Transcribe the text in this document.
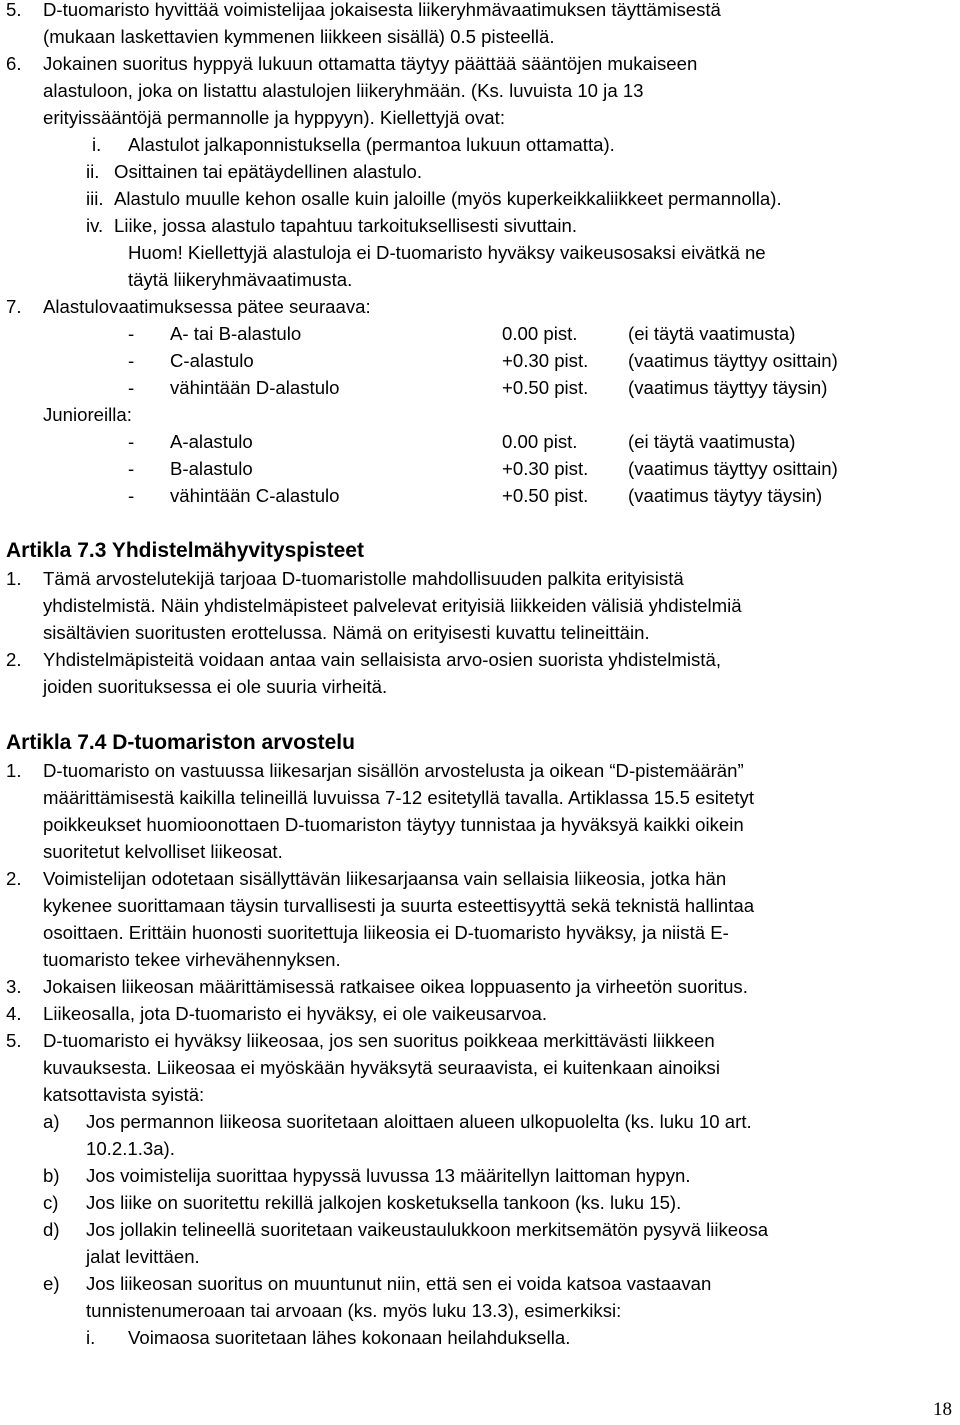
5. D-tuomaristo hyvittää voimistelijaa jokaisesta liikeryhmävaatimuksen täyttämisestä
(mukaan laskettavien kymmenen liikkeen sisällä) 0.5 pisteellä.
6. Jokainen suoritus hyppyä lukuun ottamatta täytyy päättää sääntöjen mukaiseen
alastuloon, joka on listattu alastulojen liikeryhmään. (Ks. luvuista 10 ja 13
erityissääntöjä permannolle ja hyppyyn). Kiellettyjä ovat:
i. Alastulot jalkaponnistuksella (permantoa lukuun ottamatta).
ii. Osittainen tai epätäydellinen alastulo.
iii. Alastulo muulle kehon osalle kuin jaloille (myös kuperkeikkaliikkeet permannolla).
iv. Liike, jossa alastulo tapahtuu tarkoituksellisesti sivuttain.
Huom! Kiellettyjä alastuloja ei D-tuomaristo hyväksy vaikeusosaksi eivätkä ne
täytä liikeryhmävaatimusta.
7. Alastulovaatimuksessa pätee seuraava:
- A- tai B-alastulo	0.00 pist.	(ei täytä vaatimusta)
- C-alastulo	+0.30 pist. (vaatimus täyttyy osittain)
- vähintään D-alastulo	+0.50 pist. (vaatimus täyttyy täysin)
Junioreilla:
- A-alastulo	0.00 pist.	(ei täytä vaatimusta)
- B-alastulo	+0.30 pist. (vaatimus täyttyy osittain)
- vähintään C-alastulo	+0.50 pist. (vaatimus täytyy täysin)
Artikla 7.3 Yhdistelmähyvityspisteet
1. Tämä arvostelutekijä tarjoaa D-tuomaristolle mahdollisuuden palkita erityisistä
yhdistelmistä. Näin yhdistelmäpisteet palvelevat erityisiä liikkeiden välisiä yhdistelmiä
sisältävien suoritusten erottelussa. Nämä on erityisesti kuvattu telineittäin.
2. Yhdistelmäpisteitä voidaan antaa vain sellaisista arvo-osien suorista yhdistelmistä,
joiden suorituksessa ei ole suuria virheitä.
Artikla 7.4 D-tuomariston arvostelu
1. D-tuomaristo on vastuussa liikesarjan sisällön arvostelusta ja oikean “D-pistemäärän”
määrittämisestä kaikilla telineillä luvuissa 7-12 esitetyllä tavalla. Artiklassa 15.5 esitetyt
poikkeukset huomioonottaen D-tuomariston täytyy tunnistaa ja hyväksyä kaikki oikein
suoritetut kelvolliset liikeosat.
2. Voimistelijan odotetaan sisällyttävän liikesarjaansa vain sellaisia liikeosia, jotka hän
kykenee suorittamaan täysin turvallisesti ja suurta esteettisyyttä sekä teknistä hallintaa
osoittaen. Erittäin huonosti suoritettuja liikeosia ei D-tuomaristo hyväksy, ja niistä E-
tuomaristo tekee virhevähennyksen.
3. Jokaisen liikeosan määrittämisessä ratkaisee oikea loppuasento ja virheetön suoritus.
4. Liikeosalla, jota D-tuomaristo ei hyväksy, ei ole vaikeusarvoa.
5. D-tuomaristo ei hyväksy liikeosaa, jos sen suoritus poikkeaa merkittävästi liikkeen
kuvauksesta. Liikeosaa ei myöskään hyväksytä seuraavista, ei kuitenkaan ainoiksi
katsottavista syistä:
a) Jos permannon liikeosa suoritetaan aloittaen alueen ulkopuolelta (ks. luku 10 art.
10.2.1.3a).
b) Jos voimistelija suorittaa hypyssä luvussa 13 määritellyn laittoman hypyn.
c) Jos liike on suoritettu rekillä jalkojen kosketuksella tankoon (ks. luku 15).
d) Jos jollakin telineellä suoritetaan vaikeustaulukkoon merkitsemätön pysyvä liikeosa
jalat levittäen.
e) Jos liikeosan suoritus on muuntunut niin, että sen ei voida katsoa vastaavan
tunnistenumeroaan tai arvoaan (ks. myös luku 13.3), esimerkiksi:
i. Voimaosa suoritetaan lähes kokonaan heilahduksella.
18
